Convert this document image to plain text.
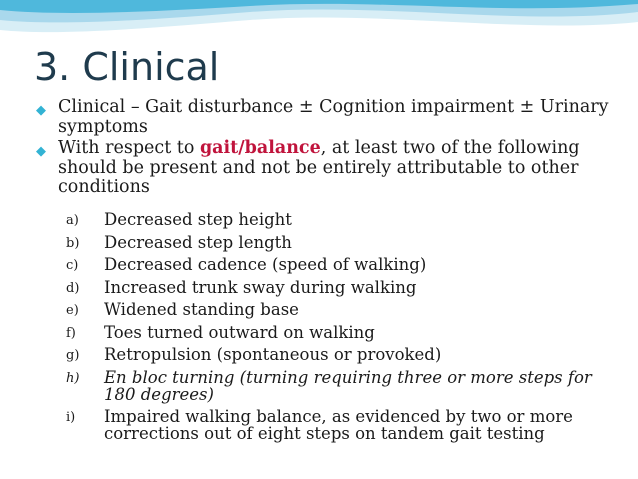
3. Clinical
◆ Clinical – Gait disturbance ± Cognition impairment ± Urinary symptoms
◆ With respect to gait/balance, at least two of the following should be present and not be entirely attributable to other conditions
a) Decreased step height
b) Decreased step length
c) Decreased cadence (speed of walking)
d) Increased trunk sway during walking
e) Widened standing base
f) Toes turned outward on walking
g) Retropulsion (spontaneous or provoked)
h) En bloc turning (turning requiring three or more steps for 180 degrees)
i) Impaired walking balance, as evidenced by two or more corrections out of eight steps on tandem gait testing
